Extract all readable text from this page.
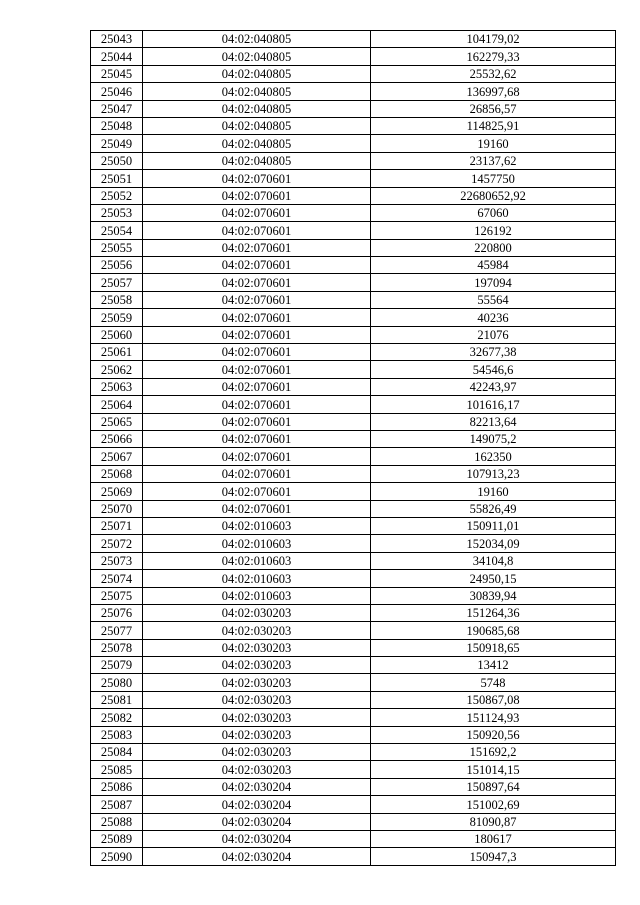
25043	04:02:040805	104179,02
25044	04:02:040805	162279,33
25045	04:02:040805	25532,62
25046	04:02:040805	136997,68
25047	04:02:040805	26856,57
25048	04:02:040805	114825,91
25049	04:02:040805	19160
25050	04:02:040805	23137,62
25051	04:02:070601	1457750
25052	04:02:070601	22680652,92
25053	04:02:070601	67060
25054	04:02:070601	126192
25055	04:02:070601	220800
25056	04:02:070601	45984
25057	04:02:070601	197094
25058	04:02:070601	55564
25059	04:02:070601	40236
25060	04:02:070601	21076
25061	04:02:070601	32677,38
25062	04:02:070601	54546,6
25063	04:02:070601	42243,97
25064	04:02:070601	101616,17
25065	04:02:070601	82213,64
25066	04:02:070601	149075,2
25067	04:02:070601	162350
25068	04:02:070601	107913,23
25069	04:02:070601	19160
25070	04:02:070601	55826,49
25071	04:02:010603	150911,01
25072	04:02:010603	152034,09
25073	04:02:010603	34104,8
25074	04:02:010603	24950,15
25075	04:02:010603	30839,94
25076	04:02:030203	151264,36
25077	04:02:030203	190685,68
25078	04:02:030203	150918,65
25079	04:02:030203	13412
25080	04:02:030203	5748
25081	04:02:030203	150867,08
25082	04:02:030203	151124,93
25083	04:02:030203	150920,56
25084	04:02:030203	151692,2
25085	04:02:030203	151014,15
25086	04:02:030204	150897,64
25087	04:02:030204	151002,69
25088	04:02:030204	81090,87
25089	04:02:030204	180617
25090	04:02:030204	150947,3
